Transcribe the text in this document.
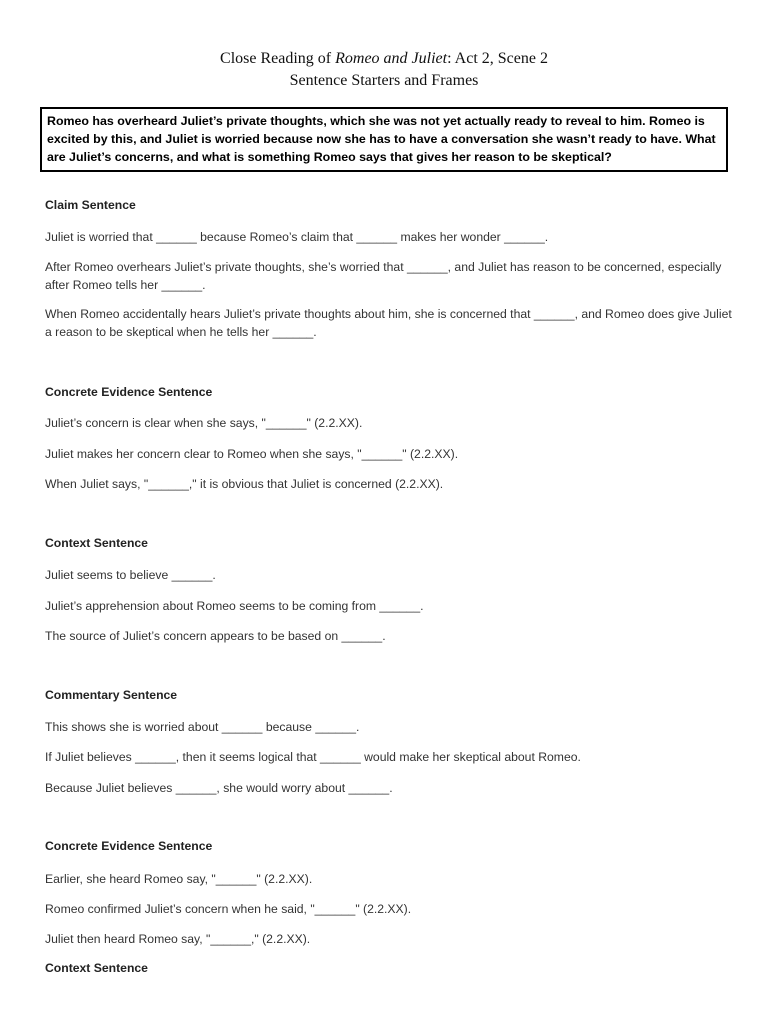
Close Reading of Romeo and Juliet: Act 2, Scene 2
Sentence Starters and Frames
Romeo has overheard Juliet’s private thoughts, which she was not yet actually ready to reveal to him. Romeo is excited by this, and Juliet is worried because now she has to have a conversation she wasn’t ready to have. What are Juliet’s concerns, and what is something Romeo says that gives her reason to be skeptical?
Claim Sentence
Juliet is worried that ______ because Romeo’s claim that ______ makes her wonder ______.
After Romeo overhears Juliet’s private thoughts, she’s worried that ______, and Juliet has reason to be concerned, especially after Romeo tells her ______.
When Romeo accidentally hears Juliet’s private thoughts about him, she is concerned that ______, and Romeo does give Juliet a reason to be skeptical when he tells her ______.
Concrete Evidence Sentence
Juliet’s concern is clear when she says, "______" (2.2.XX).
Juliet makes her concern clear to Romeo when she says, "______" (2.2.XX).
When Juliet says, "______," it is obvious that Juliet is concerned (2.2.XX).
Context Sentence
Juliet seems to believe ______.
Juliet’s apprehension about Romeo seems to be coming from ______.
The source of Juliet’s concern appears to be based on ______.
Commentary Sentence
This shows she is worried about ______ because ______.
If Juliet believes ______, then it seems logical that ______ would make her skeptical about Romeo.
Because Juliet believes ______, she would worry about ______.
Concrete Evidence Sentence
Earlier, she heard Romeo say, "______" (2.2.XX).
Romeo confirmed Juliet’s concern when he said, "______" (2.2.XX).
Juliet then heard Romeo say, "______," (2.2.XX).
Context Sentence
